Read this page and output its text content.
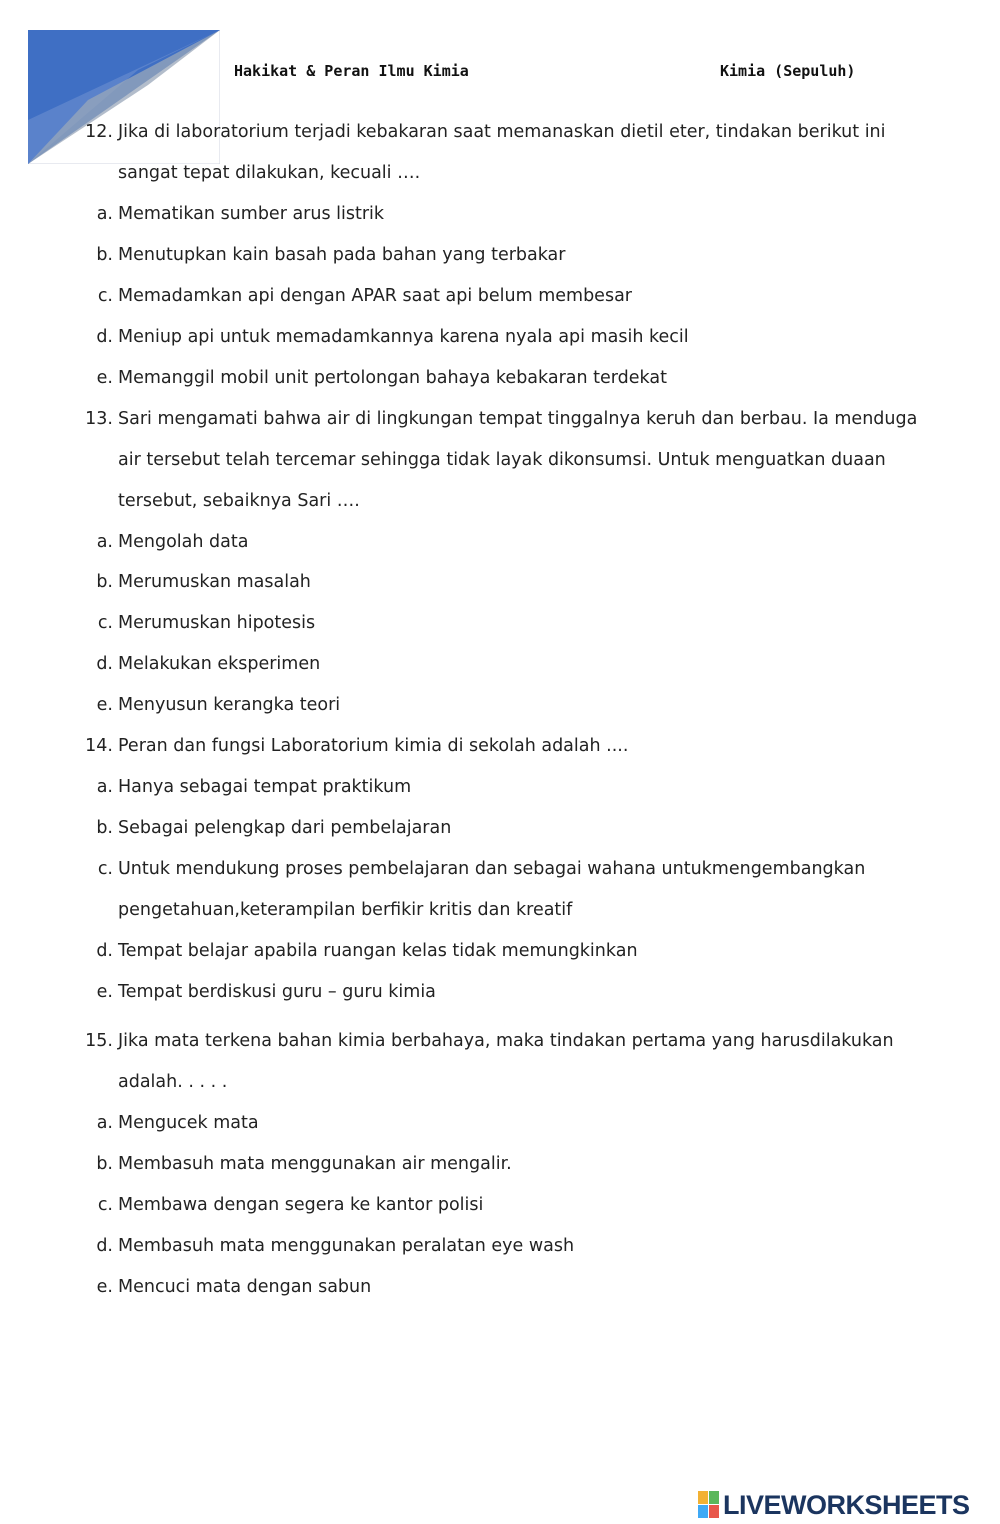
Hakikat & Peran Ilmu Kimia	Kimia (Sepuluh)
12. Jika di laboratorium terjadi kebakaran saat memanaskan dietil eter, tindakan berikut ini
sangat tepat dilakukan, kecuali ….
a. Mematikan sumber arus listrik
b. Menutupkan kain basah pada bahan yang terbakar
c. Memadamkan api dengan APAR saat api belum membesar
d. Meniup api untuk memadamkannya karena nyala api masih kecil
e. Memanggil mobil unit pertolongan bahaya kebakaran terdekat
13. Sari mengamati bahwa air di lingkungan tempat tinggalnya keruh dan berbau. Ia menduga
air tersebut telah tercemar sehingga tidak layak dikonsumsi. Untuk menguatkan duaan
tersebut, sebaiknya Sari ….
a. Mengolah data
b. Merumuskan masalah
c. Merumuskan hipotesis
d. Melakukan eksperimen
e. Menyusun kerangka teori
14. Peran dan fungsi Laboratorium kimia di sekolah adalah ....
a. Hanya sebagai tempat praktikum
b. Sebagai pelengkap dari pembelajaran
c. Untuk mendukung proses pembelajaran dan sebagai wahana untukmengembangkan
pengetahuan,keterampilan berfikir kritis dan kreatif
d. Tempat belajar apabila ruangan kelas tidak memungkinkan
e. Tempat berdiskusi guru – guru kimia
15. Jika mata terkena bahan kimia berbahaya, maka tindakan pertama yang harusdilakukan
adalah. . . . .
a. Mengucek mata
b. Membasuh mata menggunakan air mengalir.
c. Membawa dengan segera ke kantor polisi
d. Membasuh mata menggunakan peralatan eye wash
e. Mencuci mata dengan sabun
LIVEWORKSHEETS
